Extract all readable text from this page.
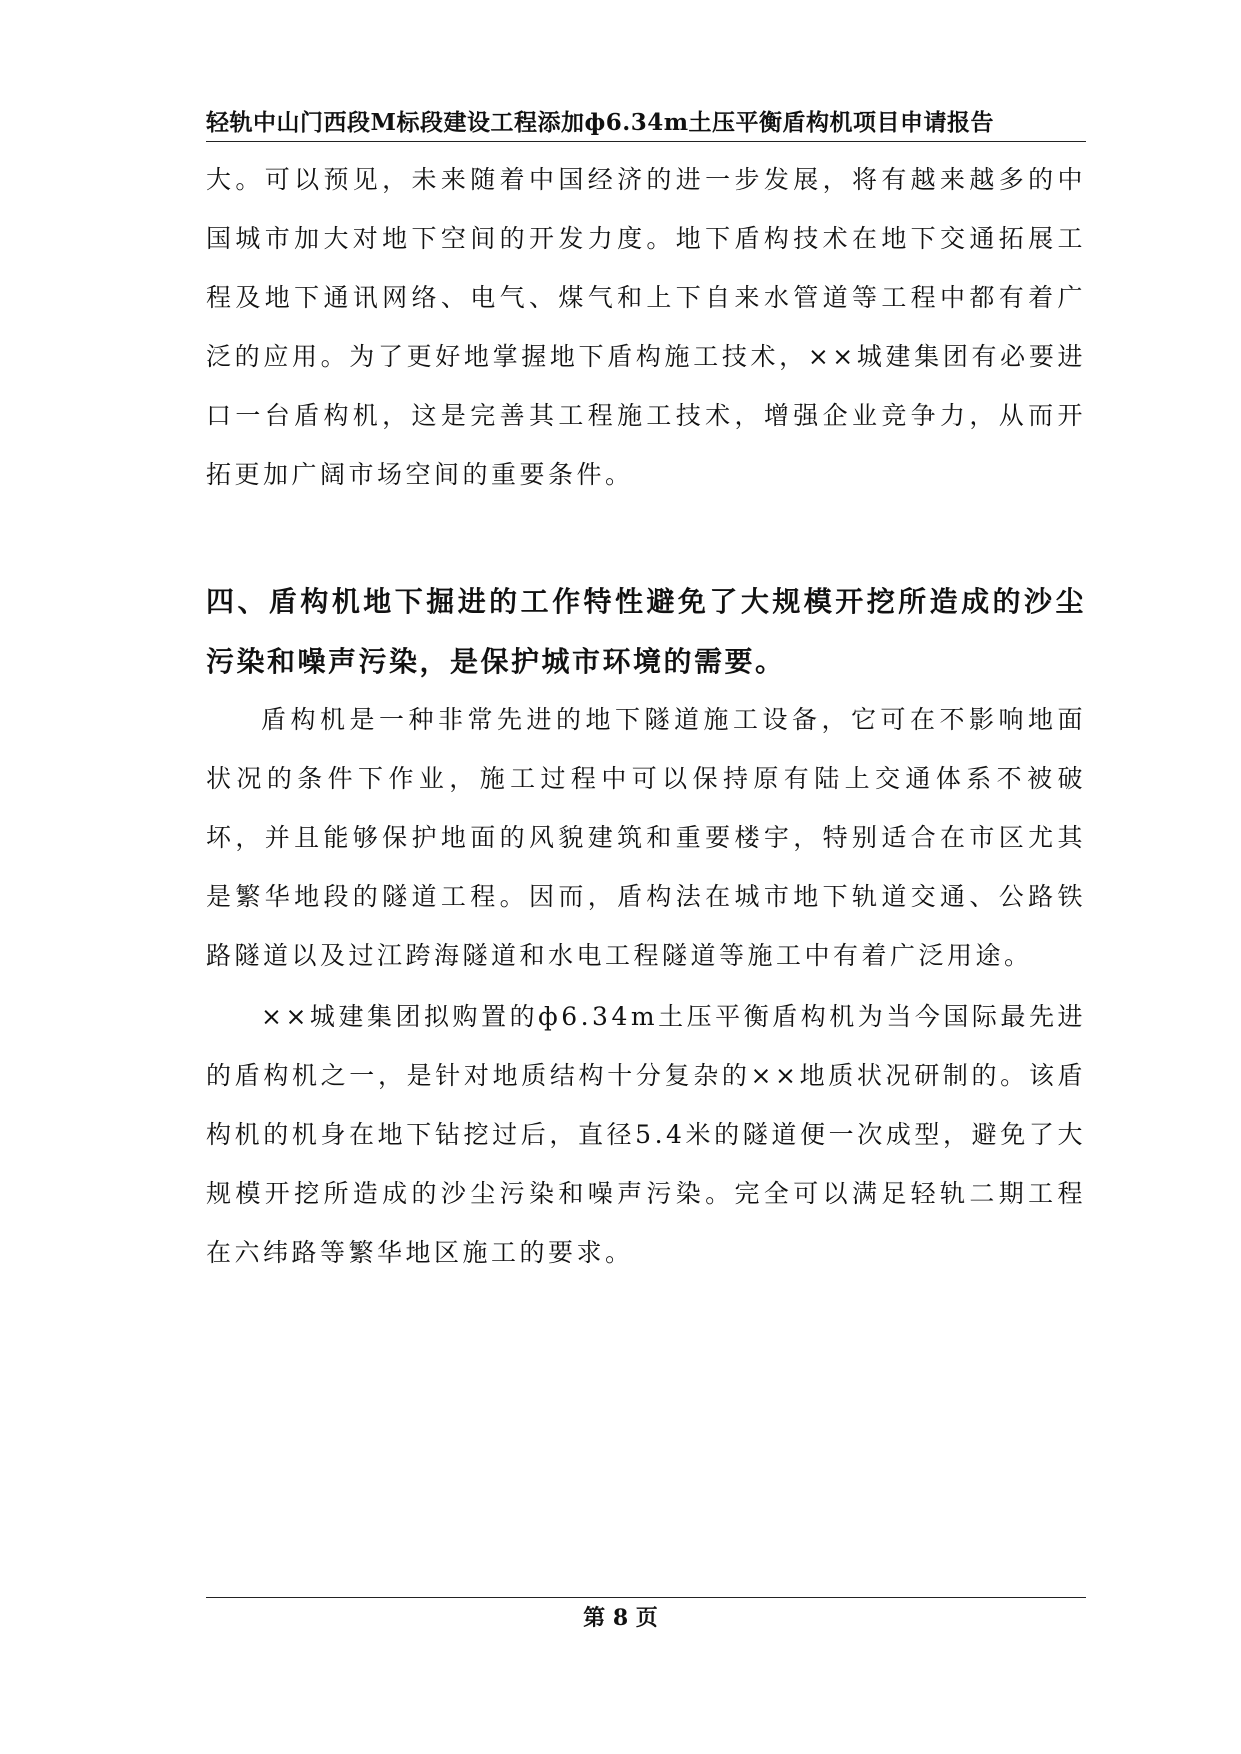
轻轨中山门西段M标段建设工程添加ф6.34m土压平衡盾构机项目申请报告
大。可以预见，未来随着中国经济的进一步发展，将有越来越多的中国城市加大对地下空间的开发力度。地下盾构技术在地下交通拓展工程及地下通讯网络、电气、煤气和上下自来水管道等工程中都有着广泛的应用。为了更好地掌握地下盾构施工技术，××城建集团有必要进口一台盾构机，这是完善其工程施工技术，增强企业竞争力，从而开拓更加广阔市场空间的重要条件。
四、盾构机地下掘进的工作特性避免了大规模开挖所造成的沙尘污染和噪声污染，是保护城市环境的需要。
盾构机是一种非常先进的地下隧道施工设备，它可在不影响地面状况的条件下作业，施工过程中可以保持原有陆上交通体系不被破坏，并且能够保护地面的风貌建筑和重要楼宇，特别适合在市区尤其是繁华地段的隧道工程。因而，盾构法在城市地下轨道交通、公路铁路隧道以及过江跨海隧道和水电工程隧道等施工中有着广泛用途。
××城建集团拟购置的ф6.34m土压平衡盾构机为当今国际最先进的盾构机之一，是针对地质结构十分复杂的××地质状况研制的。该盾构机的机身在地下钻挖过后，直径5.4米的隧道便一次成型，避免了大规模开挖所造成的沙尘污染和噪声污染。完全可以满足轻轨二期工程在六纬路等繁华地区施工的要求。
第 8 页
